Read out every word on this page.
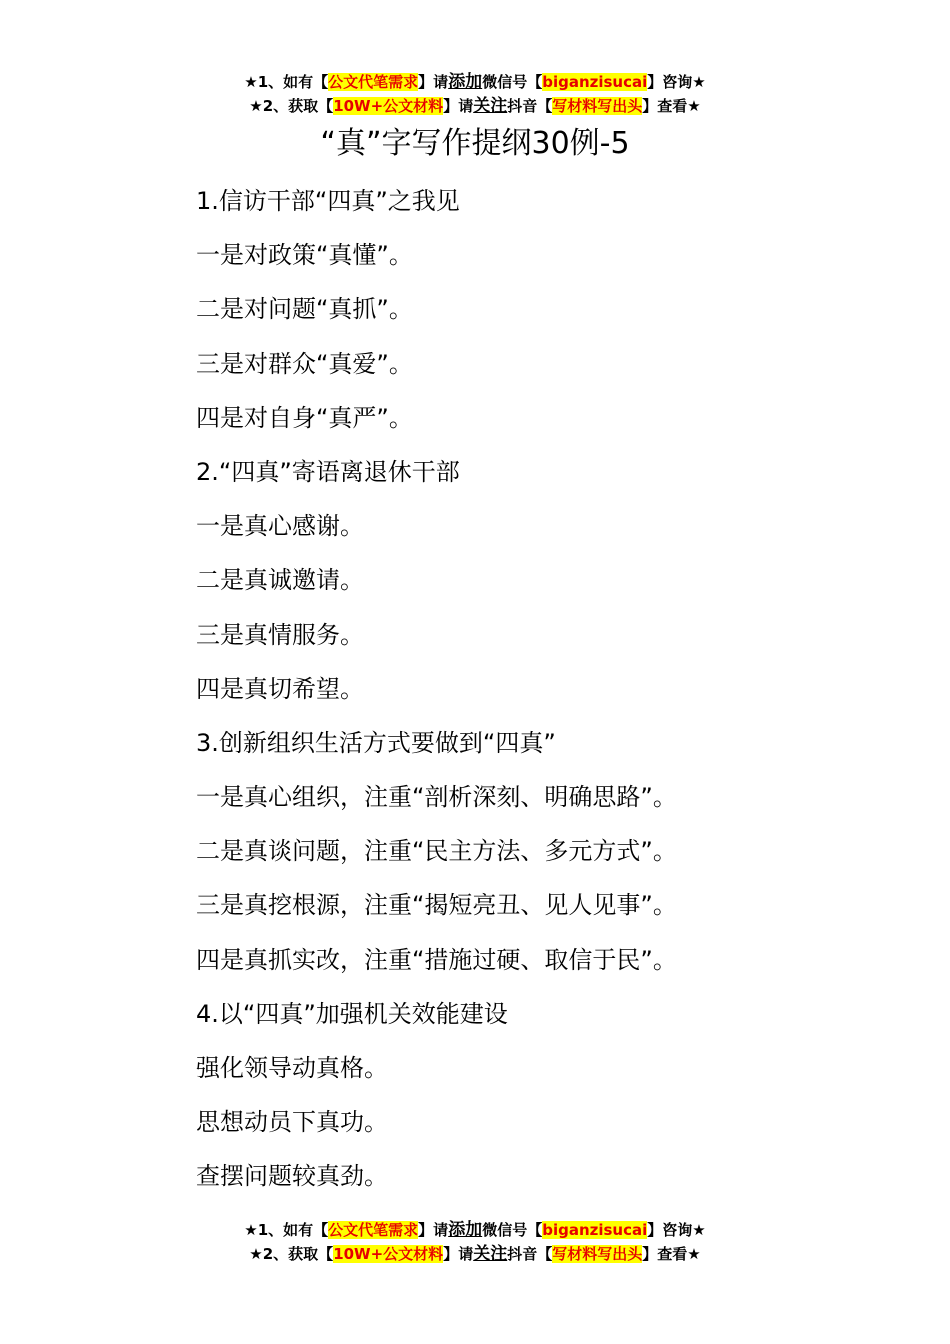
★1、如有【公文代笔需求】请添加微信号【biganzisucai】咨询★
★2、获取【10W+公文材料】请关注抖音【写材料写出头】查看★
“真”字写作提纲30例-5
1.信访干部“四真”之我见
一是对政策“真懂”。
二是对问题“真抓”。
三是对群众“真爱”。
四是对自身“真严”。
2.“四真”寄语离退休干部
一是真心感谢。
二是真诚邀请。
三是真情服务。
四是真切希望。
3.创新组织生活方式要做到“四真”
一是真心组织，注重“剖析深刻、明确思路”。
二是真谈问题，注重“民主方法、多元方式”。
三是真挖根源，注重“揭短亮丑、见人见事”。
四是真抓实改，注重“措施过硬、取信于民”。
4.以“四真”加强机关效能建设
强化领导动真格。
思想动员下真功。
查摆问题较真劲。
★1、如有【公文代笔需求】请添加微信号【biganzisucai】咨询★
★2、获取【10W+公文材料】请关注抖音【写材料写出头】查看★
